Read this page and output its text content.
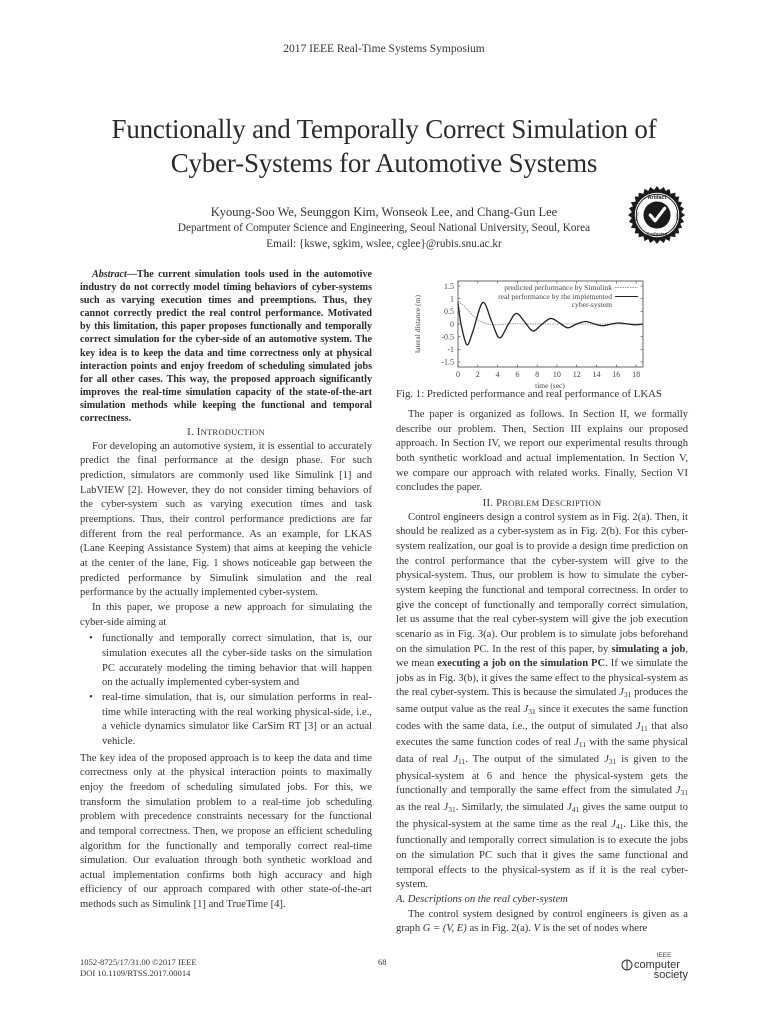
2017 IEEE Real-Time Systems Symposium
Functionally and Temporally Correct Simulation of
Cyber-Systems for Automotive Systems
Kyoung-Soo We, Seunggon Kim, Wonseok Lee, and Chang-Gun Lee
Department of Computer Science and Engineering, Seoul National University, Seoul, Korea
Email: {kswe, sgkim, wslee, cglee}@rubis.snu.ac.kr
Artifact
Evaluated
RTSS	AEC

Abstract—The current simulation tools used in the automotive industry do not correctly model timing behaviors of cyber-systems such as varying execution times and preemptions. Thus, they cannot correctly predict the real control performance. Motivated by this limitation, this paper proposes functionally and temporally correct simulation for the cyber-side of an automotive system. The key idea is to keep the data and time correctness only at physical interaction points and enjoy freedom of scheduling simulated jobs for all other cases. This way, the proposed approach significantly improves the real-time simulation capacity of the state-of-the-art simulation methods while keeping the functional and temporal correctness.

I. INTRODUCTION

For developing an automotive system, it is essential to accurately predict the final performance at the design phase. For such prediction, simulators are commonly used like Simulink [1] and LabVIEW [2]. However, they do not consider timing behaviors of the cyber-system such as varying execution times and task preemptions. Thus, their control performance predictions are far different from the real performance. As an example, for LKAS (Lane Keeping Assistance System) that aims at keeping the vehicle at the center of the lane, Fig. 1 shows noticeable gap between the predicted performance by Simulink simulation and the real performance by the actually implemented cyber-system.

In this paper, we propose a new approach for simulating the cyber-side aiming at

• functionally and temporally correct simulation, that is, our simulation executes all the cyber-side tasks on the simulation PC accurately modeling the timing behavior that will happen on the actually implemented cyber-system and
• real-time simulation, that is, our simulation performs in real-time while interacting with the real working physical-side, i.e., a vehicle dynamics simulator like CarSim RT [3] or an actual vehicle.

The key idea of the proposed approach is to keep the data and time correctness only at the physical interaction points to maximally enjoy the freedom of scheduling simulated jobs. For this, we transform the simulation problem to a real-time job scheduling problem with precedence constraints necessary for the functional and temporal correctness. Then, we propose an efficient scheduling algorithm for the functionally and temporally correct real-time simulation. Our evaluation through both synthetic workload and actual implementation confirms both high accuracy and high efficiency of our approach compared with other state-of-the-art methods such as Simulink [1] and TrueTime [4].

1.5
1
0.5
0
-0.5
-1
-1.5
0 2 4 6 8 10 12 14 16 18
lateral distance (m)
time (sec)
predicted performance by Simulink
real performance by the implemented
cyber-system
Fig. 1: Predicted performance and real performance of LKAS

The paper is organized as follows. In Section II, we formally describe our problem. Then, Section III explains our proposed approach. In Section IV, we report our experimental results through both synthetic workload and actual implementation. In Section V, we compare our approach with related works. Finally, Section VI concludes the paper.

II. PROBLEM DESCRIPTION

Control engineers design a control system as in Fig. 2(a). Then, it should be realized as a cyber-system as in Fig. 2(b). For this cyber-system realization, our goal is to provide a design time prediction on the control performance that the cyber-system will give to the physical-system. Thus, our problem is how to simulate the cyber-system keeping the functional and temporal correctness. In order to give the concept of functionally and temporally correct simulation, let us assume that the real cyber-system will give the job execution scenario as in Fig. 3(a). Our problem is to simulate jobs beforehand on the simulation PC. In the rest of this paper, by simulating a job, we mean executing a job on the simulation PC. If we simulate the jobs as in Fig. 3(b), it gives the same effect to the physical-system as the real cyber-system. This is because the simulated $J_{31}$ produces the same output value as the real $J_{31}$ since it executes the same function codes with the same data, i.e., the output of simulated $J_{11}$ that also executes the same function codes of real $J_{11}$ with the same physical data of real $J_{11}$. The output of the simulated $J_{31}$ is given to the physical-system at 6 and hence the physical-system gets the functionally and temporally the same effect from the simulated $J_{31}$ as the real $J_{31}$. Similarly, the simulated $J_{41}$ gives the same output to the physical-system at the same time as the real $J_{41}$. Like this, the functionally and temporally correct simulation is to execute the jobs on the simulation PC such that it gives the same functional and temporal effects to the physical-system as if it is the real cyber-system.

A. Descriptions on the real cyber-system

The control system designed by control engineers is given as a graph G = (V, E) as in Fig. 2(a). V is the set of nodes where

1052-8725/17/31.00 ©2017 IEEE
DOI 10.1109/RTSS.2017.00014
68
IEEE
computer
society
